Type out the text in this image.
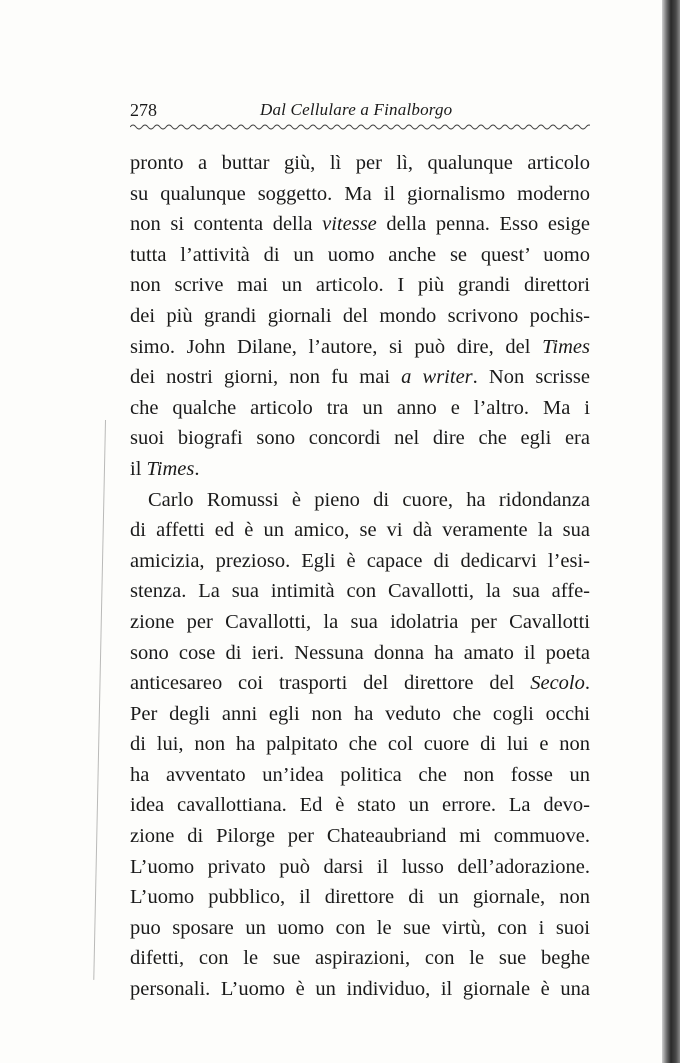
278	Dal Cellulare a Finalborgo
pronto a buttar giù, lì per lì, qualunque articolo
su qualunque soggetto. Ma il giornalismo moderno
non si contenta della vitesse della penna. Esso esige
tutta l’attività di un uomo anche se quest’ uomo
non scrive mai un articolo. I più grandi direttori
dei più grandi giornali del mondo scrivono pochis-
simo. John Dilane, l’autore, si può dire, del Times
dei nostri giorni, non fu mai a writer. Non scrisse
che qualche articolo tra un anno e l’altro. Ma i
suoi biografi sono concordi nel dire che egli era
il Times.
Carlo Romussi è pieno di cuore, ha ridondanza
di affetti ed è un amico, se vi dà veramente la sua
amicizia, prezioso. Egli è capace di dedicarvi l’esi-
stenza. La sua intimità con Cavallotti, la sua affe-
zione per Cavallotti, la sua idolatria per Cavallotti
sono cose di ieri. Nessuna donna ha amato il poeta
anticesareo coi trasporti del direttore del Secolo.
Per degli anni egli non ha veduto che cogli occhi
di lui, non ha palpitato che col cuore di lui e non
ha avventato un’idea politica che non fosse un
idea cavallottiana. Ed è stato un errore. La devo-
zione di Pilorge per Chateaubriand mi commuove.
L’uomo privato può darsi il lusso dell’adorazione.
L’uomo pubblico, il direttore di un giornale, non
puo sposare un uomo con le sue virtù, con i suoi
difetti, con le sue aspirazioni, con le sue beghe
personali. L’uomo è un individuo, il giornale è una
